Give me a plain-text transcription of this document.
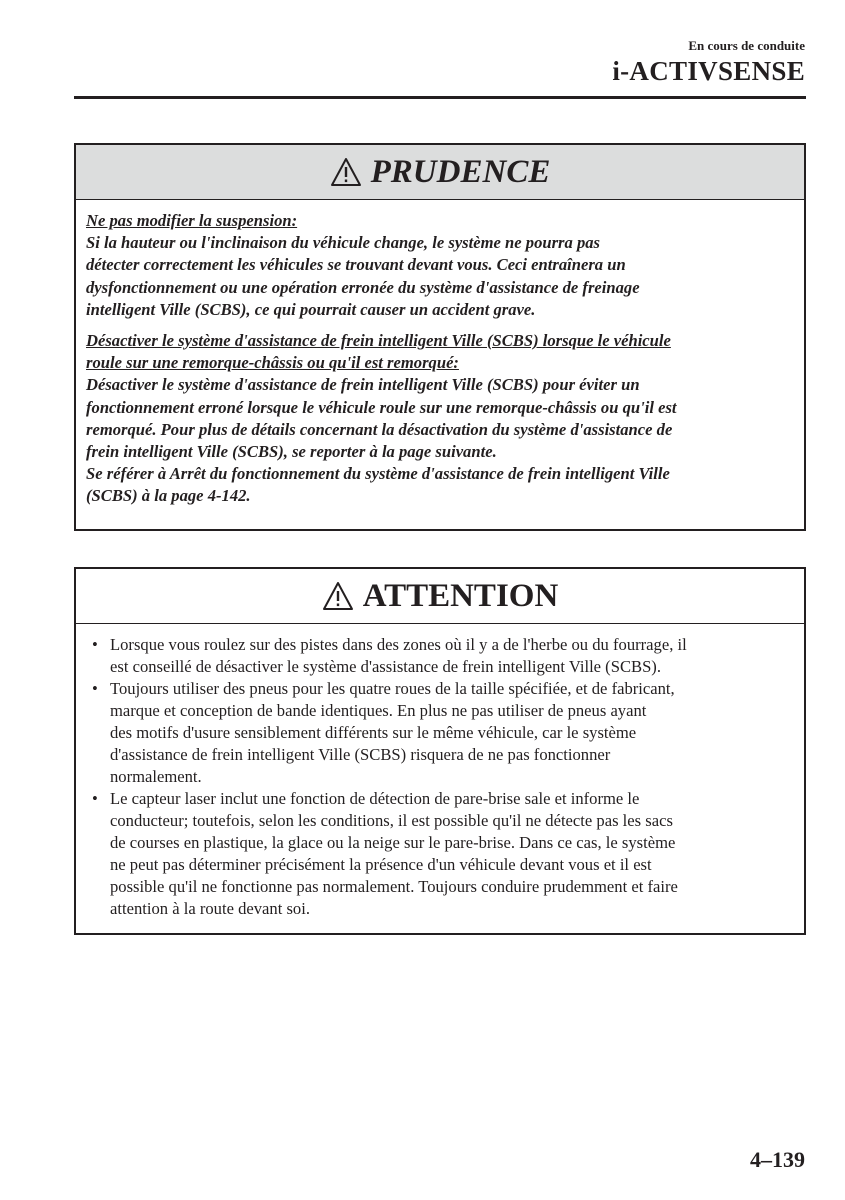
En cours de conduite
i-ACTIVSENSE
PRUDENCE
Ne pas modifier la suspension:
Si la hauteur ou l'inclinaison du véhicule change, le système ne pourra pas
détecter correctement les véhicules se trouvant devant vous. Ceci entraînera un
dysfonctionnement ou une opération erronée du système d'assistance de freinage
intelligent Ville (SCBS), ce qui pourrait causer un accident grave.
Désactiver le système d'assistance de frein intelligent Ville (SCBS) lorsque le véhicule
roule sur une remorque-châssis ou qu'il est remorqué:
Désactiver le système d'assistance de frein intelligent Ville (SCBS) pour éviter un
fonctionnement erroné lorsque le véhicule roule sur une remorque-châssis ou qu'il est
remorqué. Pour plus de détails concernant la désactivation du système d'assistance de
frein intelligent Ville (SCBS), se reporter à la page suivante.
Se référer à Arrêt du fonctionnement du système d'assistance de frein intelligent Ville
(SCBS) à la page 4-142.
ATTENTION
• Lorsque vous roulez sur des pistes dans des zones où il y a de l'herbe ou du fourrage, il
est conseillé de désactiver le système d'assistance de frein intelligent Ville (SCBS).
• Toujours utiliser des pneus pour les quatre roues de la taille spécifiée, et de fabricant,
marque et conception de bande identiques. En plus ne pas utiliser de pneus ayant
des motifs d'usure sensiblement différents sur le même véhicule, car le système
d'assistance de frein intelligent Ville (SCBS) risquera de ne pas fonctionner
normalement.
• Le capteur laser inclut une fonction de détection de pare-brise sale et informe le
conducteur; toutefois, selon les conditions, il est possible qu'il ne détecte pas les sacs
de courses en plastique, la glace ou la neige sur le pare-brise. Dans ce cas, le système
ne peut pas déterminer précisément la présence d'un véhicule devant vous et il est
possible qu'il ne fonctionne pas normalement. Toujours conduire prudemment et faire
attention à la route devant soi.
4–139
